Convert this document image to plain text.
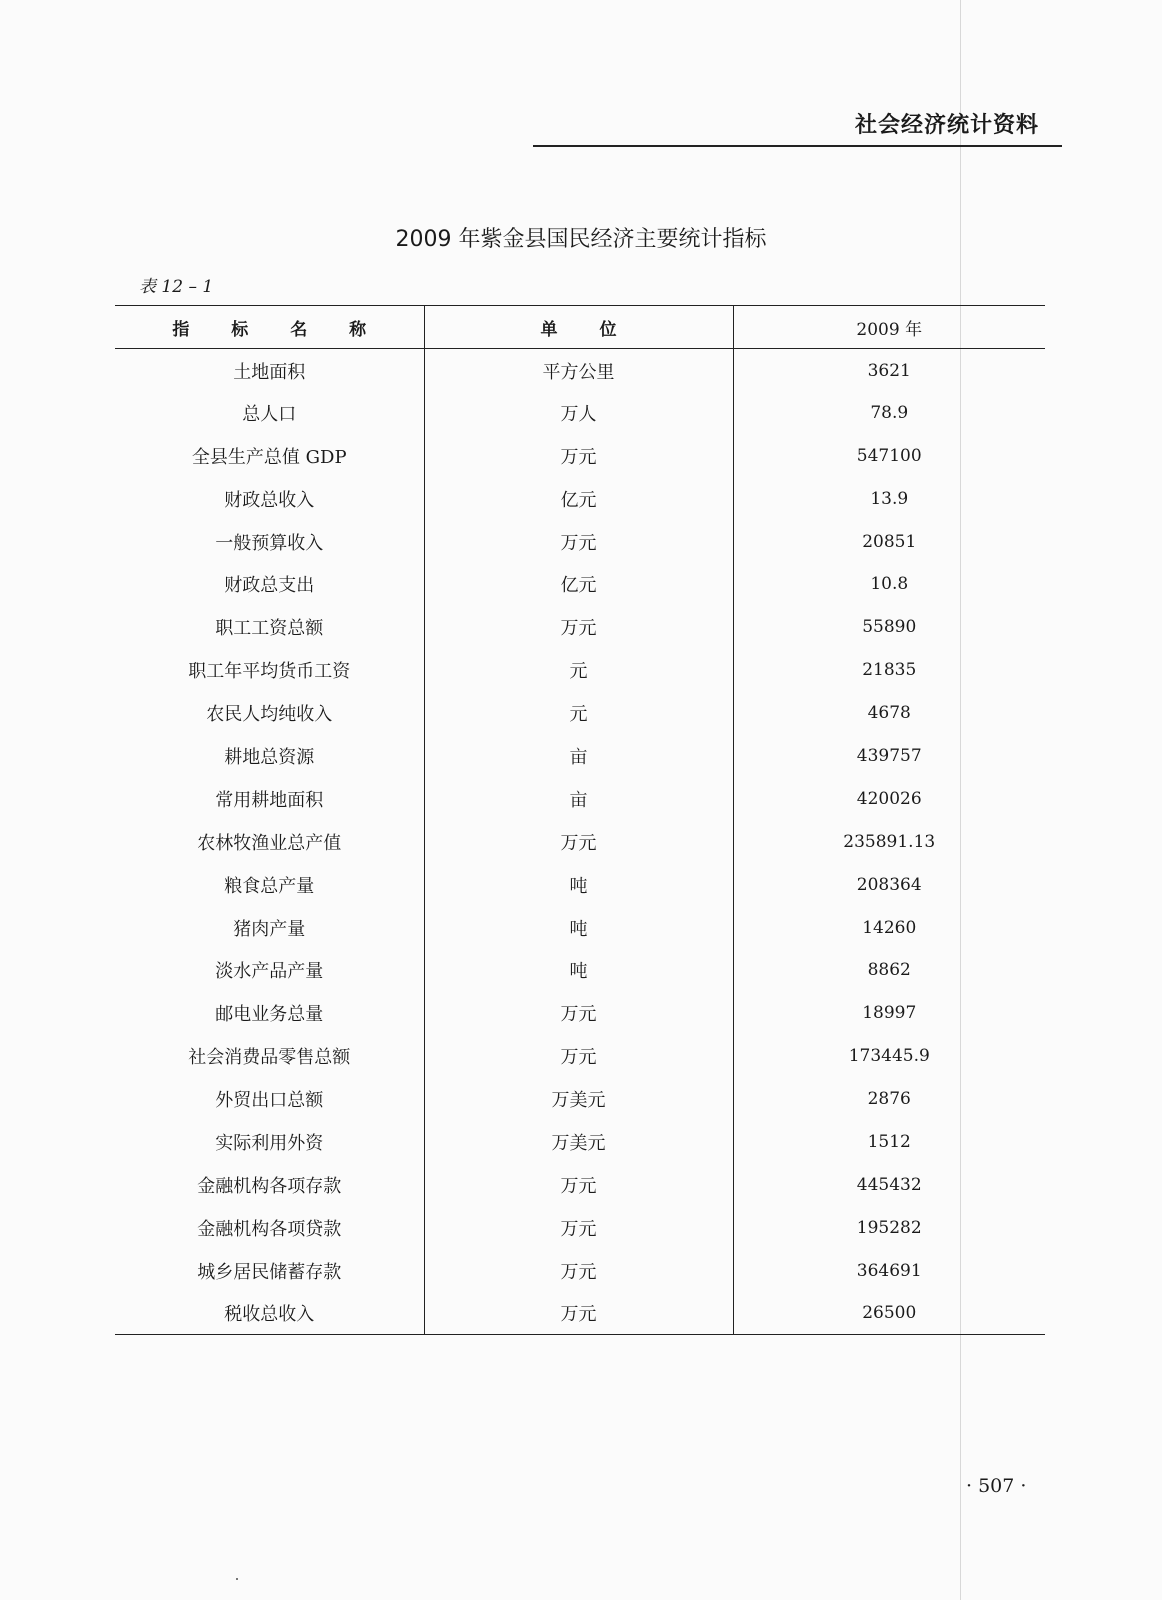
社会经济统计资料
2009 年紫金县国民经济主要统计指标
表 12 – 1
指 标 名 称	单 位	2009 年
土地面积	平方公里	3621
总人口	万人	78.9
全县生产总值 GDP	万元	547100
财政总收入	亿元	13.9
一般预算收入	万元	20851
财政总支出	亿元	10.8
职工工资总额	万元	55890
职工年平均货币工资	元	21835
农民人均纯收入	元	4678
耕地总资源	亩	439757
常用耕地面积	亩	420026
农林牧渔业总产值	万元	235891.13
粮食总产量	吨	208364
猪肉产量	吨	14260
淡水产品产量	吨	8862
邮电业务总量	万元	18997
社会消费品零售总额	万元	173445.9
外贸出口总额	万美元	2876
实际利用外资	万美元	1512
金融机构各项存款	万元	445432
金融机构各项贷款	万元	195282
城乡居民储蓄存款	万元	364691
税收总收入	万元	26500
· 507 ·
